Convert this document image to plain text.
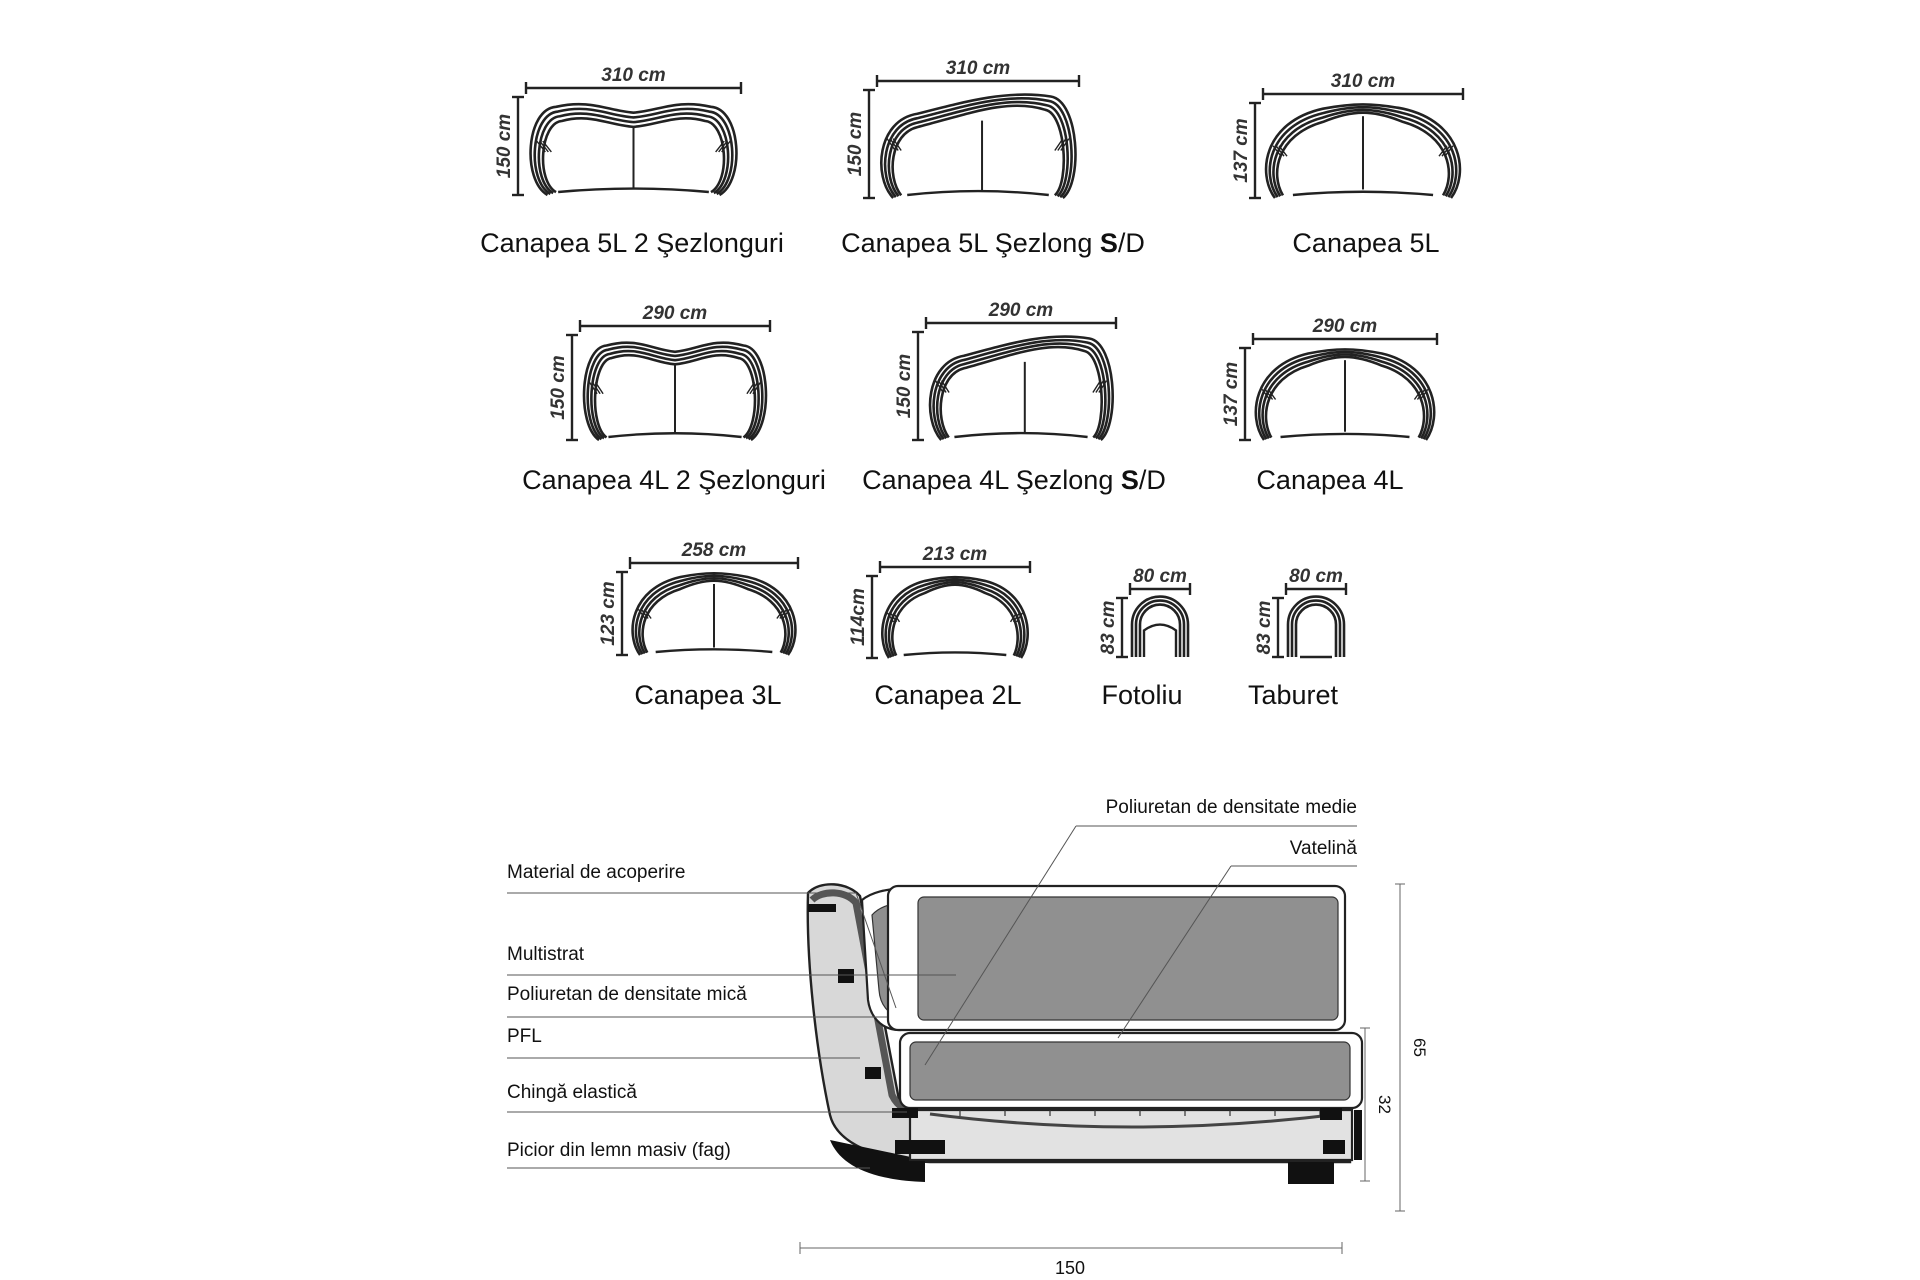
310 cm
150 cm
310 cm
150 cm
310 cm
137 cm
290 cm
150 cm
290 cm
150 cm
290 cm
137 cm
258 cm
123 cm
213 cm
114cm
80 cm
83 cm
80 cm
83 cm
65
32
150
Canapea 5L 2 Şezlonguri Canapea 5L Şezlong S/D	Canapea 5L
Canapea 4L 2 Şezlonguri Canapea 4L Şezlong S/D	Canapea 4L
Canapea 3L	Canapea 2L	Fotoliu Taburet
Material de acoperire
Multistrat
Poliuretan de densitate mică
PFL
Chingă elastică
Picior din lemn masiv (fag)
Poliuretan de densitate medie
Vatelină
